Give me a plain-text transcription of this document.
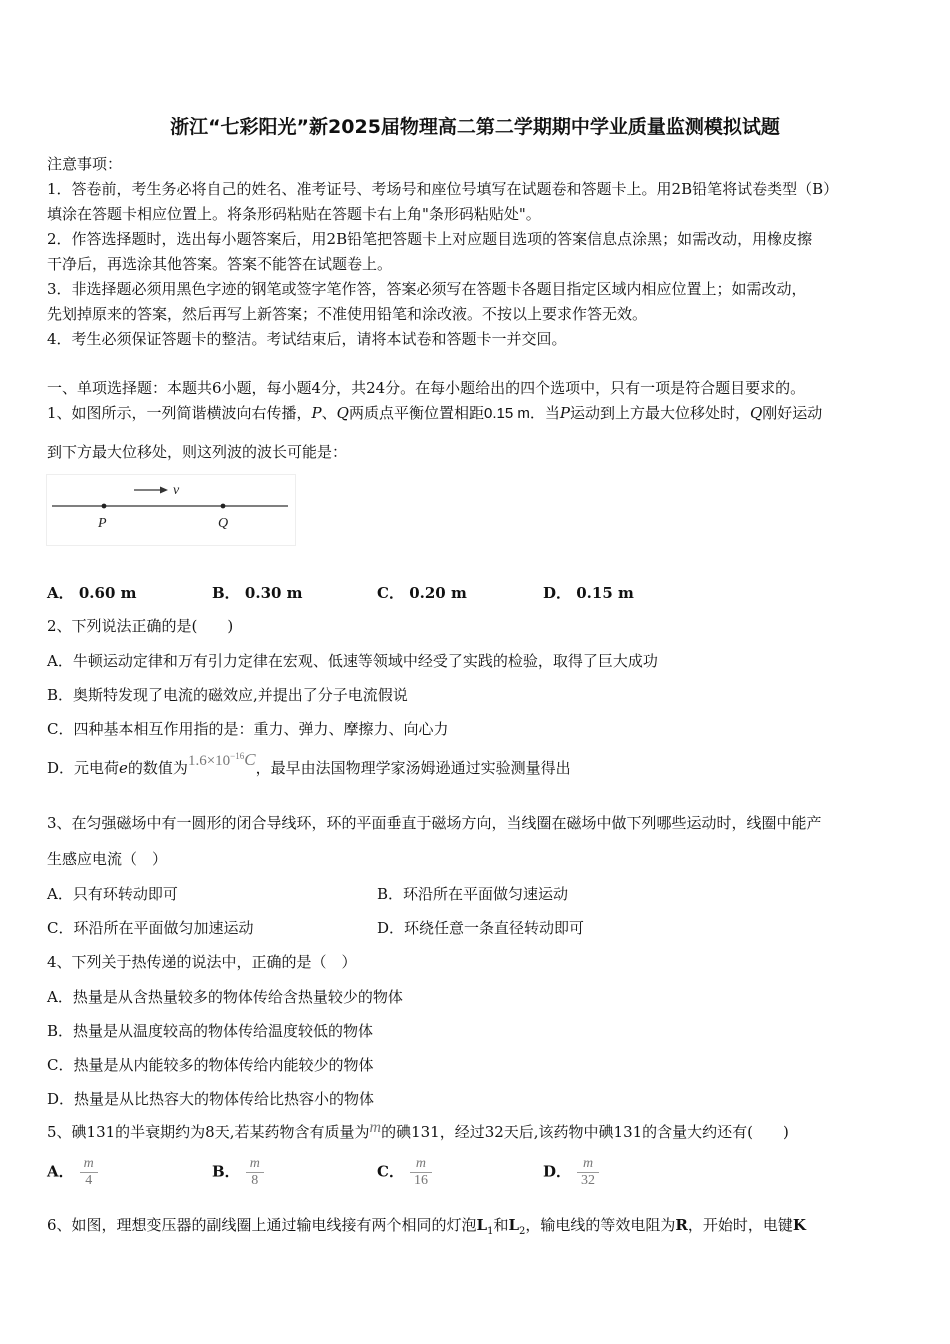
浙江“七彩阳光”新2025届物理高二第二学期期中学业质量监测模拟试题
注意事项：
1．答卷前，考生务必将自己的姓名、准考证号、考场号和座位号填写在试题卷和答题卡上。用2B铅笔将试卷类型（B）
填涂在答题卡相应位置上。将条形码粘贴在答题卡右上角"条形码粘贴处"。
2．作答选择题时，选出每小题答案后，用2B铅笔把答题卡上对应题目选项的答案信息点涂黑；如需改动，用橡皮擦
干净后，再选涂其他答案。答案不能答在试题卷上。
3．非选择题必须用黑色字迹的钢笔或签字笔作答，答案必须写在答题卡各题目指定区域内相应位置上；如需改动，
先划掉原来的答案，然后再写上新答案；不准使用铅笔和涂改液。不按以上要求作答无效。
4．考生必须保证答题卡的整洁。考试结束后，请将本试卷和答题卡一并交回。
一、单项选择题：本题共6小题，每小题4分，共24分。在每小题给出的四个选项中，只有一项是符合题目要求的。
1、如图所示，一列简谐横波向右传播，P、Q两质点平衡位置相距0.15 m．当P运动到上方最大位移处时，Q刚好运动
到下方最大位移处，则这列波的波长可能是：
v
P	Q
A． 0.60 m	B． 0.30 m	C． 0.20 m	D． 0.15 m
2、下列说法正确的是(　　)
A．牛顿运动定律和万有引力定律在宏观、低速等领域中经受了实践的检验，取得了巨大成功
B．奥斯特发现了电流的磁效应,并提出了分子电流假说
C．四种基本相互作用指的是：重力、弹力、摩擦力、向心力
D．元电荷e的数值为$1.6\times 10^{-16}C$，最早由法国物理学家汤姆逊通过实验测量得出
3、在匀强磁场中有一圆形的闭合导线环，环的平面垂直于磁场方向，当线圈在磁场中做下列哪些运动时，线圈中能产
生感应电流（　）
A．只有环转动即可	B．环沿所在平面做匀速运动
C．环沿所在平面做匀加速运动	D．环绕任意一条直径转动即可
4、下列关于热传递的说法中，正确的是（　）
A．热量是从含热量较多的物体传给含热量较少的物体
B．热量是从温度较高的物体传给温度较低的物体
C．热量是从内能较多的物体传给内能较少的物体
D．热量是从比热容大的物体传给比热容小的物体
5、碘131的半衰期约为8天,若某药物含有质量为m的碘131，经过32天后,该药物中碘131的含量大约还有(　　)
A． $\frac{m}{4}$	B． $\frac{m}{8}$	C． $\frac{m}{16}$	D． $\frac{m}{32}$
6、如图，理想变压器的副线圈上通过输电线接有两个相同的灯泡$L_1$和$L_2$，输电线的等效电阻为R，开始时，电键K
